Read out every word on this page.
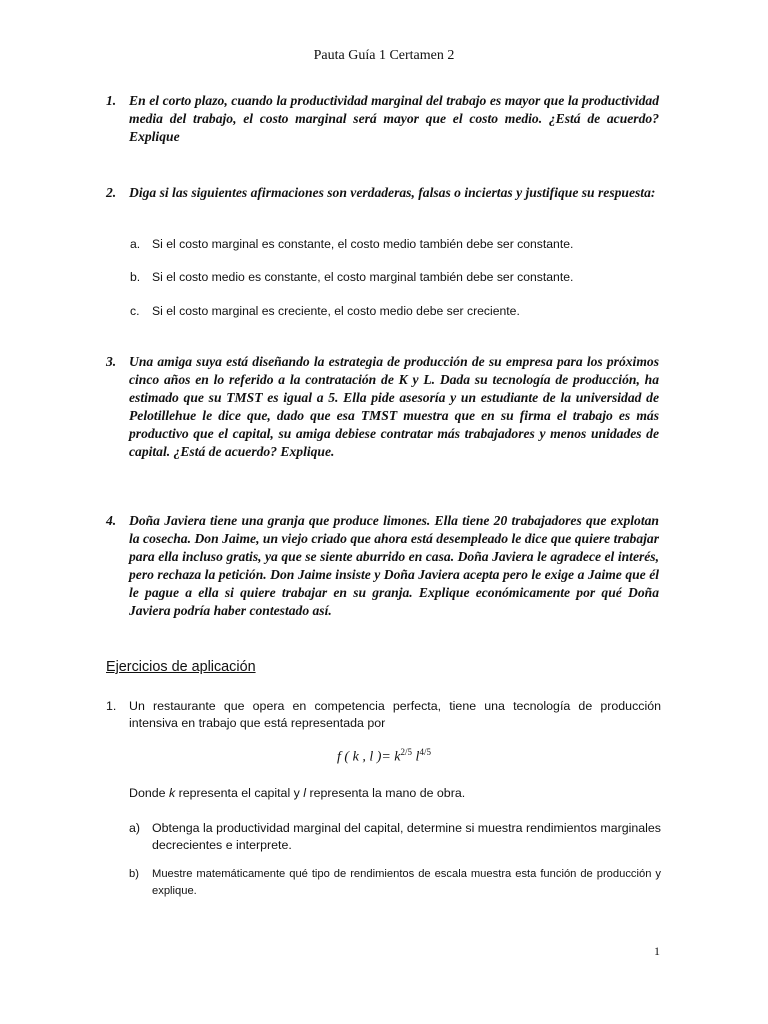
Pauta Guía 1 Certamen 2
1. En el corto plazo, cuando la productividad marginal del trabajo es mayor que la productividad media del trabajo, el costo marginal será mayor que el costo medio. ¿Está de acuerdo? Explique
2. Diga si las siguientes afirmaciones son verdaderas, falsas o inciertas y justifique su respuesta:
a. Si el costo marginal es constante, el costo medio también debe ser constante.
b. Si el costo medio es constante, el costo marginal también debe ser constante.
c. Si el costo marginal es creciente, el costo medio debe ser creciente.
3. Una amiga suya está diseñando la estrategia de producción de su empresa para los próximos cinco años en lo referido a la contratación de K y L. Dada su tecnología de producción, ha estimado que su TMST es igual a 5. Ella pide asesoría y un estudiante de la universidad de Pelotillehue le dice que, dado que esa TMST muestra que en su firma el trabajo es más productivo que el capital, su amiga debiese contratar más trabajadores y menos unidades de capital. ¿Está de acuerdo? Explique.
4. Doña Javiera tiene una granja que produce limones. Ella tiene 20 trabajadores que explotan la cosecha. Don Jaime, un viejo criado que ahora está desempleado le dice que quiere trabajar para ella incluso gratis, ya que se siente aburrido en casa. Doña Javiera le agradece el interés, pero rechaza la petición. Don Jaime insiste y Doña Javiera acepta pero le exige a Jaime que él le pague a ella si quiere trabajar en su granja. Explique económicamente por qué Doña Javiera podría haber contestado así.
Ejercicios de aplicación
1. Un restaurante que opera en competencia perfecta, tiene una tecnología de producción intensiva en trabajo que está representada por
f ( k , l )= $k^{2/5}$ $l^{4/5}$
Donde k representa el capital y l representa la mano de obra.
a) Obtenga la productividad marginal del capital, determine si muestra rendimientos marginales decrecientes e interprete.
b) Muestre matemáticamente qué tipo de rendimientos de escala muestra esta función de producción y explique.
1
